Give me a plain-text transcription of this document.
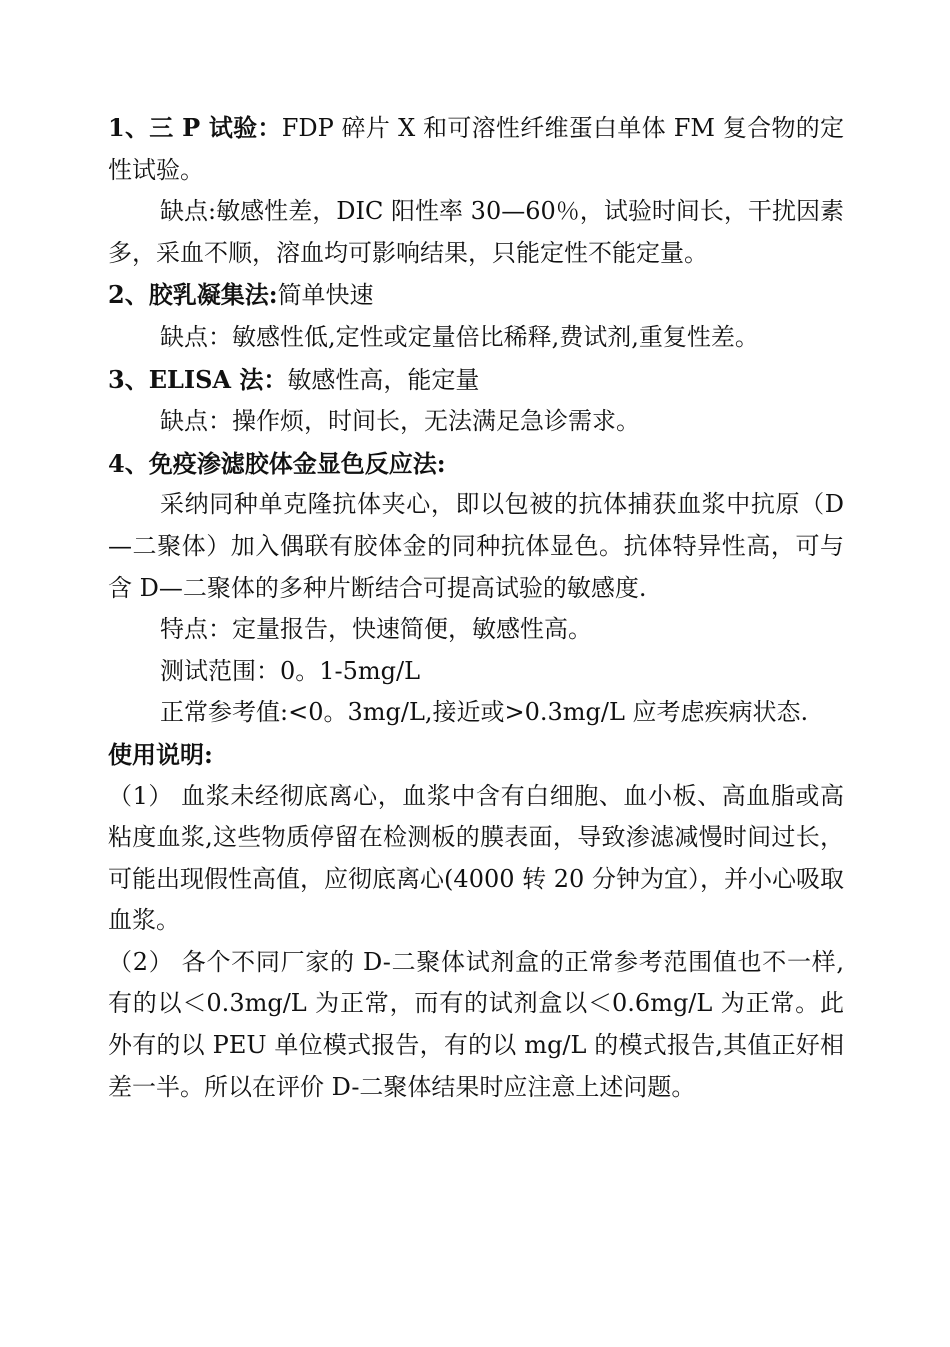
1、三 P 试验：FDP 碎片 X 和可溶性纤维蛋白单体 FM 复合物的定性试验。

缺点:敏感性差，DIC 阳性率 30—60％，试验时间长，干扰因素多，采血不顺，溶血均可影响结果，只能定性不能定量。

2、胶乳凝集法:简单快速

缺点：敏感性低,定性或定量倍比稀释,费试剂,重复性差。

3、ELISA 法：敏感性高，能定量

缺点：操作烦，时间长，无法满足急诊需求。

4、免疫渗滤胶体金显色反应法:

采纳同种单克隆抗体夹心，即以包被的抗体捕获血浆中抗原（D—二聚体）加入偶联有胶体金的同种抗体显色。抗体特异性高，可与含 D—二聚体的多种片断结合可提高试验的敏感度.

特点：定量报告，快速简便，敏感性高。

测试范围：0。1-5mg/L

正常参考值:<0。3mg/L,接近或>0.3mg/L 应考虑疾病状态.

使用说明:

（1） 血浆未经彻底离心，血浆中含有白细胞、血小板、高血脂或高粘度血浆,这些物质停留在检测板的膜表面，导致渗滤减慢时间过长，可能出现假性高值，应彻底离心(4000 转 20 分钟为宜），并小心吸取血浆。

（2） 各个不同厂家的 D-二聚体试剂盒的正常参考范围值也不一样,有的以＜0.3mg/L 为正常，而有的试剂盒以＜0.6mg/L 为正常。此外有的以 PEU 单位模式报告，有的以 mg/L 的模式报告,其值正好相差一半。所以在评价 D-二聚体结果时应注意上述问题。
